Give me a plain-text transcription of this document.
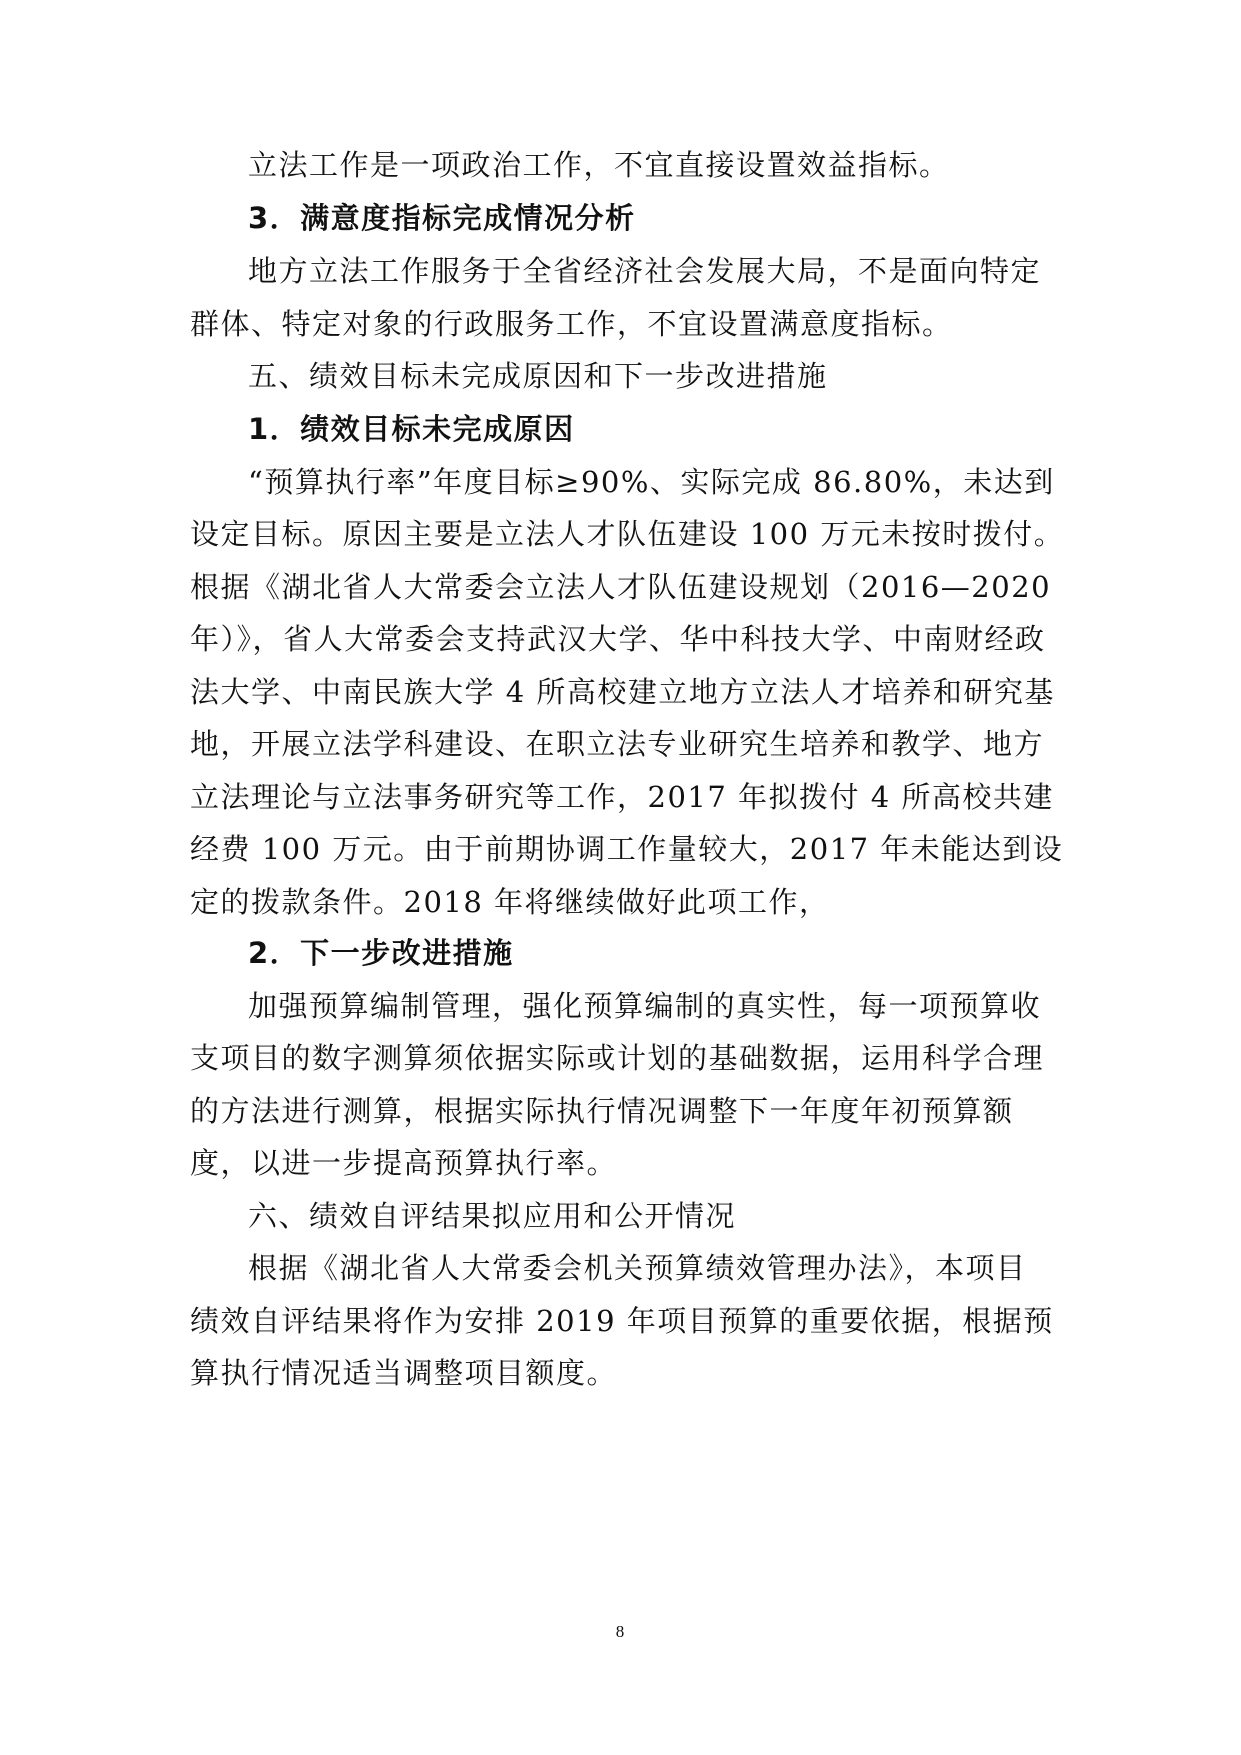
立法工作是一项政治工作，不宜直接设置效益指标。

3．满意度指标完成情况分析

地方立法工作服务于全省经济社会发展大局，不是面向特定

群体、特定对象的行政服务工作，不宜设置满意度指标。

五、绩效目标未完成原因和下一步改进措施

1．绩效目标未完成原因

“预算执行率”年度目标≥90%、实际完成 86.80%，未达到

设定目标。原因主要是立法人才队伍建设 100 万元未按时拨付。

根据《湖北省人大常委会立法人才队伍建设规划（2016—2020

年）》，省人大常委会支持武汉大学、华中科技大学、中南财经政

法大学、中南民族大学 4 所高校建立地方立法人才培养和研究基

地，开展立法学科建设、在职立法专业研究生培养和教学、地方

立法理论与立法事务研究等工作，2017 年拟拨付 4 所高校共建

经费 100 万元。由于前期协调工作量较大，2017 年未能达到设

定的拨款条件。2018 年将继续做好此项工作，

2．下一步改进措施

加强预算编制管理，强化预算编制的真实性，每一项预算收

支项目的数字测算须依据实际或计划的基础数据，运用科学合理

的方法进行测算，根据实际执行情况调整下一年度年初预算额

度，以进一步提高预算执行率。

六、绩效自评结果拟应用和公开情况

根据《湖北省人大常委会机关预算绩效管理办法》，本项目

绩效自评结果将作为安排 2019 年项目预算的重要依据，根据预

算执行情况适当调整项目额度。

8
